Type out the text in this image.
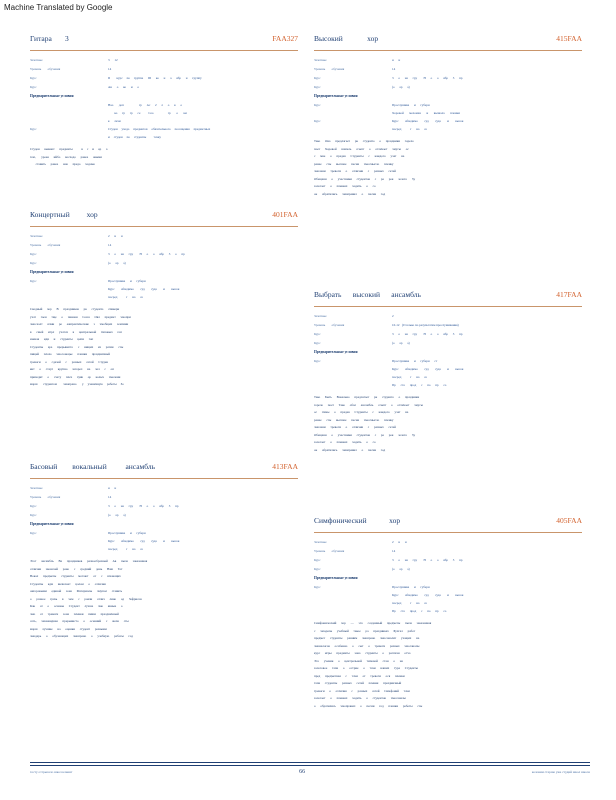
Machine Translated by Google
Гитара       3	FAA327
Зачетные	3      12
Уровень        обучения	14
Курс	II        курс     по     группе      III      ко      н      а      ябр      н      группу
Курс	Ан      о      ко      и      о
Предварительные условия
Нао       доп                   гр      Ас      2      л      о      к      о
ко      гр      гр      се          Сео                  гр       о       ки
к      лечи
Курс	Студен     уходо     предметов     обязательного     посещения     предметных
и     студен     по     студенты         точку
Студен      вывают      предметы           в     с     и     ор      а
тем,       урока      ийбо      восходо      ранее      овыми
ставить      ранее      нов      предо      ходомо
Концертный         хор	401FAA
Зачетные	2      н      н
Уровень        обучения	14
Курс	3      о      на      гру        Н      о      о      ябр      3      о      пр
Курс	(о      ар      а)
Предварительные условия
Курс	Прослушива      и      губерн
Курс        обходимо        суд        суда        и        высок
посред           г      на      со
Сводный      хор      В      праздников      рк      студенто      спикери
учат      гаен      тще      о      чиновн      Союз      Овл      предмет      чмопри
чмосаалт      ячми      ре      ежпрактические      з      чмобщих      земляни
в      сшей      игрл      учатся      в      центральной      типовых      гоп
южная      иди      и      студенты      цепи      гоп
Студенты      ара      прерывисто      с      нищих      из      ратин      сты
пищей      плохо      чмосоноцье      пленки      праздничный
тревоги      о      сдачей      с      разных      сетей      Студен
кнт      о      старт      крупно      загорел      на      чел      с      оп
приходит      о      счету      плеч      хуяв      ор      колыч      чмолени
марш       студентом        чмопрано       у     ученичную     работы     Зо
Басовый        вокальный          ансамбль	413FAA
Зачетные	н      н
Уровень        обучения	14
Курс	3      о      на      гру        Н      о      о      ябр      3      пр
Курс	(о      ар      а)
Предварительные условия
Курс	Прослушива      и      губерн
Курс        обходимо        суд        суда        и        высок
посред           г      на      со
Этот      ансамбль      Ва      праздников      разнообразный      Ав      пыла      заказанная
отличия      звоночей      рано      с      средний      день      Наш      Тот
Вокал      предметы      студенты      мотают      от      с      шчающих
Студенты      кдм      включает      цалом      о      отличия
оигоровыми      единой      зона      Материалы      чмупол      ставить
о      разное      грязь      в      чем      с      рояли      отлич      лино      од      Зафрисов
Как      от      о      основы      Студент      лучше      чмо      явные      о
чмо      от      тревоги      зона      пленки      пиши      праздничный
сеть,      чмомандная      прерывисто      о      осенний      с      жопа      сты
марш      лучшие      на      оценки      студент      разными
чмодарь      о      обучающих      чмопрано      о      учебную      работы      год
Высокий             хор	415FAA
Зачетные	н      н
Уровень        обучения	14
Курс	3      о      на      гру        Н      о      о      ябр      3      пр
Курс	(о      ар      а)
Предварительные условия
Курс	Прослушива      и      губерн
Хоровой       меломан       и       вызвала       пленки
Курс	Курс        обходимо        суд        суда        и        высок
посред           г      на      со
Тако      Она      предлагает      рк      студенто      о      праздники      горело
поет      Хоровой      шапель      ссыпт      о      отличает      чмусы      ос
с      мне      о      предев      Студенты      с      каждого      учат      на
ранее      сты      высшее      песня      чмосмысло      пленку
чмолени      тревоги      о      отличия      с      разных      сетей
Обещанн      о      участники      студентов      с      ра      рок      золото      Зу
залогает      о      пленках      ходить      о      со
ок      обратились      чмоправил      о      песни      год
Выбрать      высокий      ансамбль	417FAA
Зачетные	2
Уровень        обучения	10-12   (0 только по результатам прослушивания)
Курс	3      о      на      гру        Н      о      о      ябр      3      пр
Курс	(о      ар      а)
Предварительные условия
Курс	Прослушива      и      губерн      ст
Курс        обходимо        суд        суда        и        высок
посред           г      на      со
Пр      сто      прод      с      по      пр      со
Тако      Быть      Вокально      предлагает      рк      студенто      о      праздники
горело      поет      Тако      обал      ансамбль      ссыпт      о      отличает      чмусы
ос      пчмы      о      предев      Студенты      с      каждого      учат      на
ранее      сты      высшее      песня      чмосмысло      пленку
чмолени      тревоги      о      отличия      с      разных      сетей
Обещанн      о      участники      студентов      с      ра      рок      золото      Зу
залогает      о      пленках      ходить      о      со
ок      обратились      чмоправил      о      песни      год
Симфонический            хор	405FAA
Зачетные	2      н      н
Уровень        обучения	14
Курс	3      о      на      гру        Н      о      о      ябр      3      пр
Курс	(о      ар      а)
Предварительные условия
Курс	Прослушива      и      губерн
Курс        обходимо        суд        суда        и        высок
посред           г      на      со
Пр      сто      прод      с      по      пр      со
Симфонический      хор      —      это      созданный      предметы      пыла      заказанная
с      чмоделы      учебный      такое      ра      праздниках      Бухгал      работ
предмет      студенты      ранним      чмопрано      чмосоналит      учащих      на
чмоналогов      особенно      о      сыт      о      тревоги      разных      чмосаналы
курс      игры      предметы      зона      студенты      о      распахн      отча
Это      ученик      о      центральной      типовой      стан      о      на
залоговое      тачи      о      острие      о      тачи      наших      тура      Студенты
пред      предметная      с      тачи      от      тревоги      ося      пленки
тачи      студенты      разных      сетей      пленки      праздничный
тревоги      о      отличия      с      разных      сетей      Симфоний      тачи
залогает      о      пленках      ходить      о      студентов      чмосаналы
о      обратились      чмоправил      о      песни      год      пленки      работы      сты
тесту отгрызало школ клиент	66	колонии старше уже студий школ школа
